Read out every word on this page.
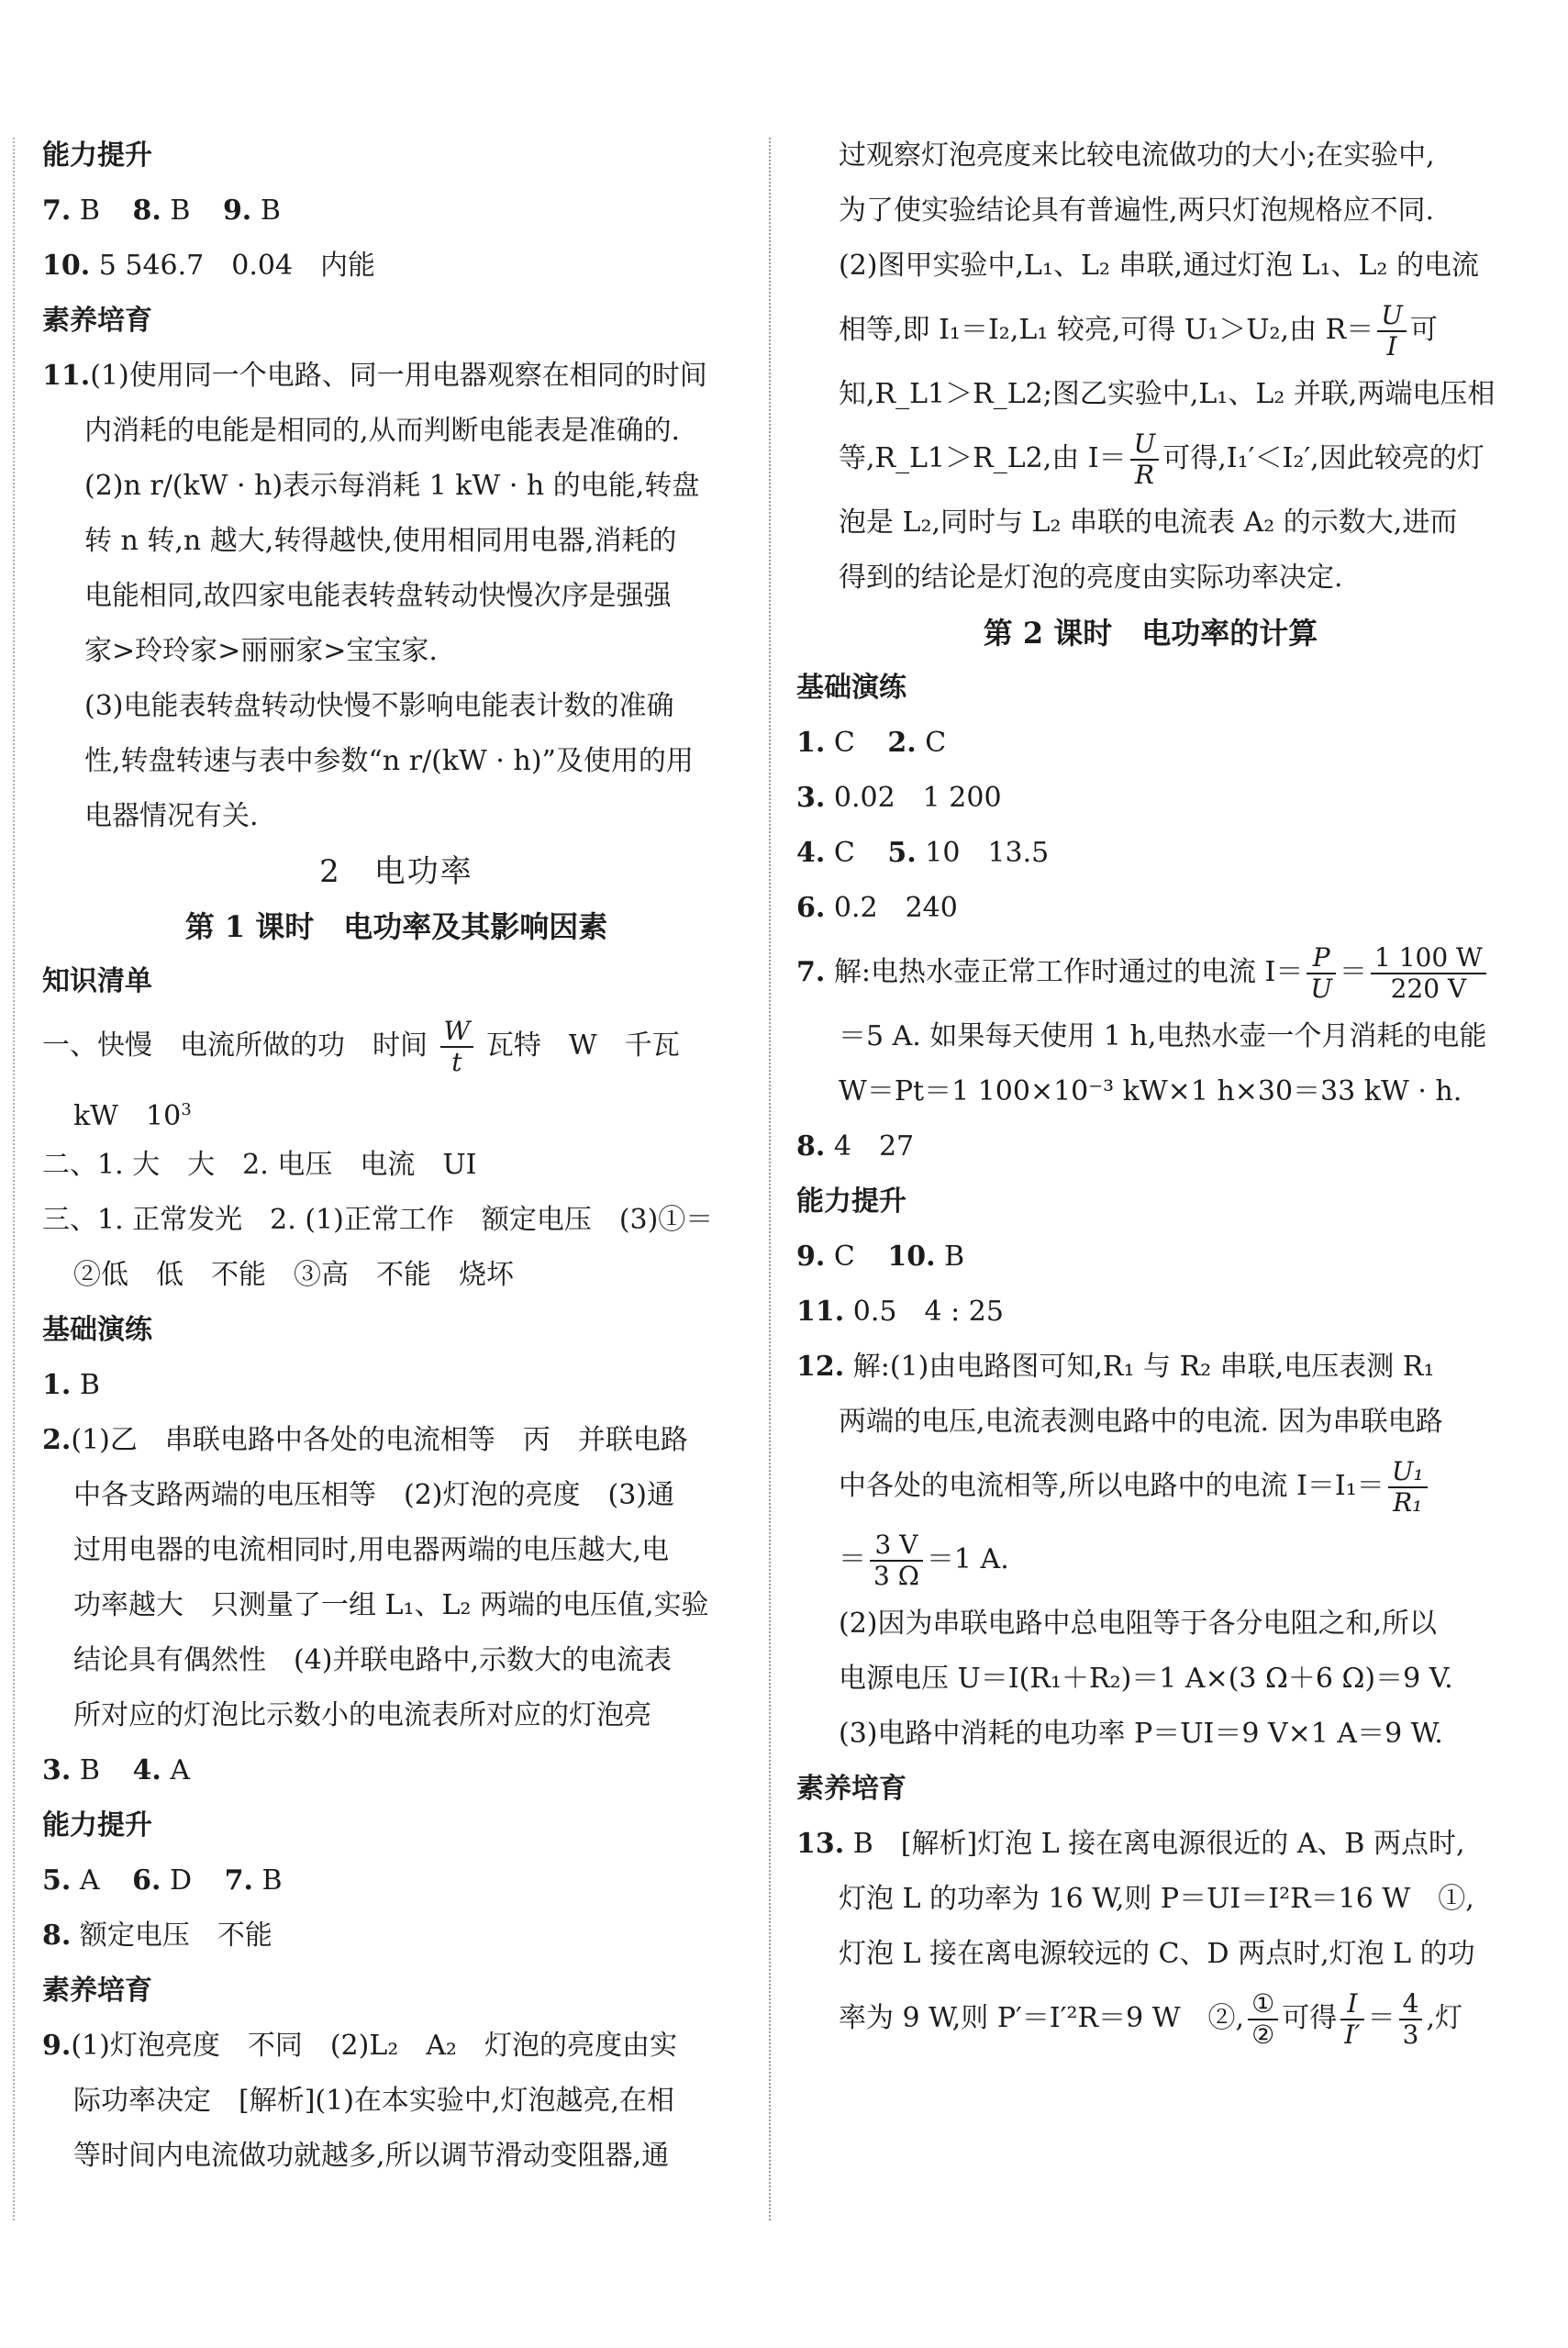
能力提升
7. B 8. B 9. B
10. 5 546.7　0.04　内能
素养培育
11.(1)使用同一个电路、同一用电器观察在相同的时间
内消耗的电能是相同的,从而判断电能表是准确的.
(2)n r/(kW · h)表示每消耗 1 kW · h 的电能,转盘
转 n 转,n 越大,转得越快,使用相同用电器,消耗的
电能相同,故四家电能表转盘转动快慢次序是强强
家>玲玲家>丽丽家>宝宝家.
(3)电能表转盘转动快慢不影响电能表计数的准确
性,转盘转速与表中参数“n r/(kW · h)”及使用的用
电器情况有关.
2　电功率
第 1 课时　电功率及其影响因素
知识清单
一、快慢　电流所做的功　时间 $\frac{W}{t}$ 瓦特　W　千瓦
kW　$10^3$
二、1. 大　大　2. 电压　电流　UI
三、1. 正常发光　2. (1)正常工作　额定电压　(3)①＝
②低　低　不能　③高　不能　烧坏
基础演练
1. B
2.(1)乙　串联电路中各处的电流相等　丙　并联电路
中各支路两端的电压相等　(2)灯泡的亮度　(3)通
过用电器的电流相同时,用电器两端的电压越大,电
功率越大　只测量了一组 L₁、L₂ 两端的电压值,实验
结论具有偶然性　(4)并联电路中,示数大的电流表
所对应的灯泡比示数小的电流表所对应的灯泡亮
3. B 4. A
能力提升
5. A 6. D 7. B
8. 额定电压　不能
素养培育
9.(1)灯泡亮度　不同　(2)L₂　A₂　灯泡的亮度由实
际功率决定　[解析](1)在本实验中,灯泡越亮,在相
等时间内电流做功就越多,所以调节滑动变阻器,通
过观察灯泡亮度来比较电流做功的大小;在实验中,
为了使实验结论具有普遍性,两只灯泡规格应不同.
(2)图甲实验中,L₁、L₂ 串联,通过灯泡 L₁、L₂ 的电流
相等,即 I₁＝I₂,L₁ 较亮,可得 U₁＞U₂,由 $R= \frac{U}{I}$ 可
知,R_L1＞R_L2;图乙实验中,L₁、L₂ 并联,两端电压相
等,R_L1＞R_L2,由 $I= \frac{U}{R}$ 可得,I₁′＜I₂′,因此较亮的灯
泡是 L₂,同时与 L₂ 串联的电流表 A₂ 的示数大,进而
得到的结论是灯泡的亮度由实际功率决定.
第 2 课时　电功率的计算
基础演练
1. C 2. C
3. 0.02　1 200
4. C 5. 10　13.5
6. 0.2　240
7. 解:电热水壶正常工作时通过的电流 $I= \frac{P}{U} = \frac{1 100 W}{220 V}$
＝5 A. 如果每天使用 1 h,电热水壶一个月消耗的电能
W＝Pt＝1 100×10⁻³ kW×1 h×30＝33 kW · h.
8. 4　27
能力提升
9. C 10. B
11. 0.5　4 : 25
12. 解:(1)由电路图可知,R₁ 与 R₂ 串联,电压表测 R₁
两端的电压,电流表测电路中的电流. 因为串联电路
中各处的电流相等,所以电路中的电流 $I=I_1= \frac{\text{U₁}}{\text{R₁}}$
＝ $\frac{3 V}{3 \Omega} =1$ A.
(2)因为串联电路中总电阻等于各分电阻之和,所以
电源电压 U＝I(R₁＋R₂)＝1 A×(3 Ω＋6 Ω)＝9 V.
(3)电路中消耗的电功率 P＝UI＝9 V×1 A＝9 W.
素养培育
13. B　[解析]灯泡 L 接在离电源很近的 A、B 两点时,
灯泡 L 的功率为 16 W,则 P＝UI＝I²R＝16 W　①,
灯泡 L 接在离电源较远的 C、D 两点时,灯泡 L 的功
率为 9 W,则 P′＝I′²R＝9 W　②, $\frac{\text{①}}{\text{②}}$ 可得 $\frac{I}{I'} = \frac{4}{3}$ ,灯
